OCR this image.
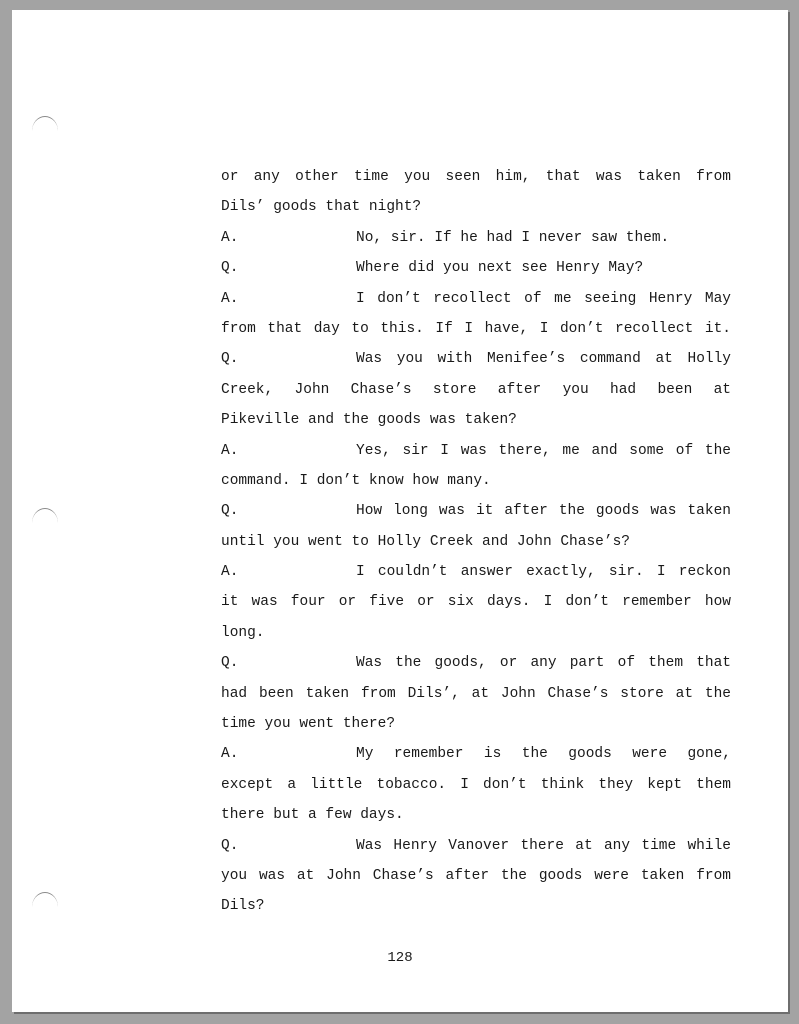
or any other time you seen him, that was taken from
Dils’ goods that night?
A.	No, sir. If he had I never saw them.
Q.	Where did you next see Henry May?
A.	I don’t recollect of me seeing Henry May
from that day to this. If I have, I don’t recollect it.
Q.	Was you with Menifee’s command at Holly
Creek, John Chase’s store after you had been at
Pikeville and the goods was taken?
A.	Yes, sir I was there, me and some of the
command. I don’t know how many.
Q.	How long was it after the goods was taken
until you went to Holly Creek and John Chase’s?
A.	I couldn’t answer exactly, sir. I reckon
it was four or five or six days. I don’t remember how
long.
Q.	Was the goods, or any part of them that
had been taken from Dils’, at John Chase’s store at the
time you went there?
A.	My remember is the goods were gone,
except a little tobacco. I don’t think they kept them
there but a few days.
Q.	Was Henry Vanover there at any time while
you was at John Chase’s after the goods were taken from
Dils?
128
